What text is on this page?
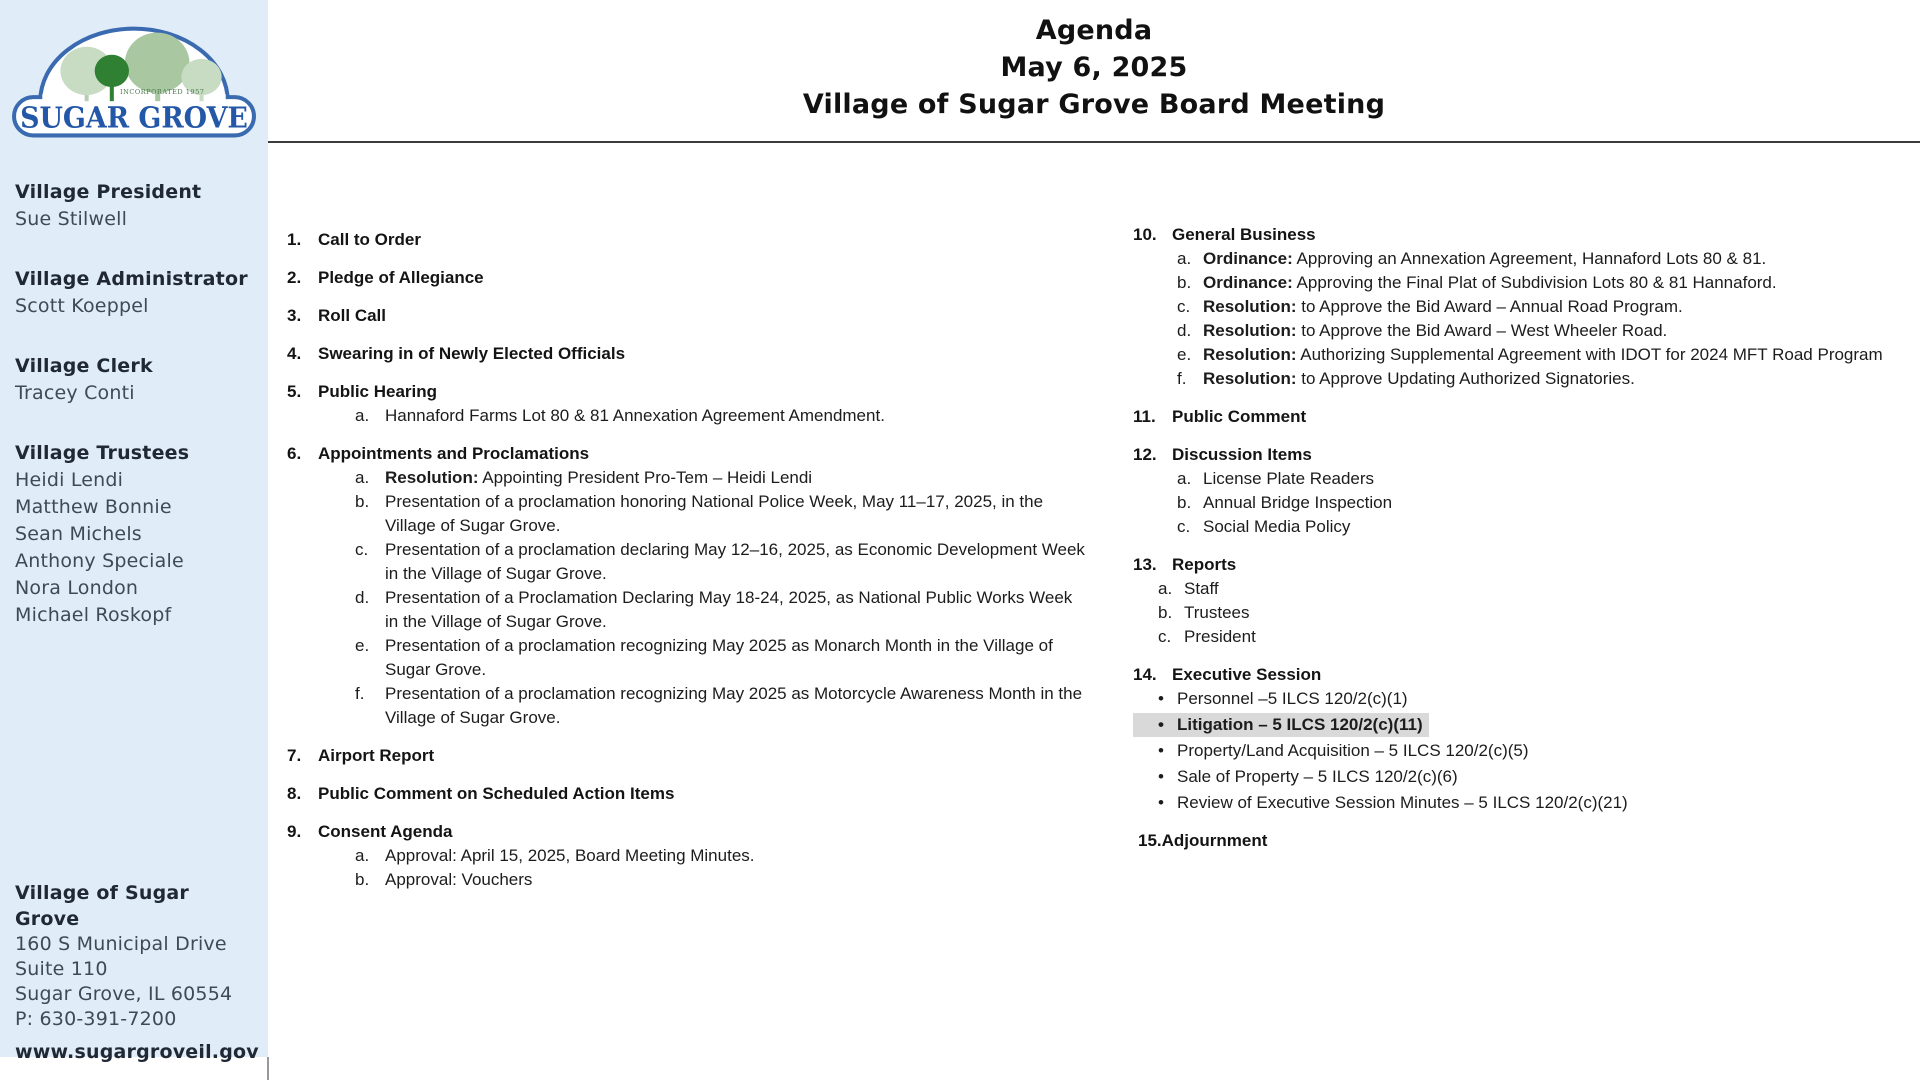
INCORPORATED 1957
SUGAR GROVE
Village President
Sue Stilwell
Village Administrator
Scott Koeppel
Village Clerk
Tracey Conti
Village Trustees
Heidi Lendi
Matthew Bonnie
Sean Michels
Anthony Speciale
Nora London
Michael Roskopf
Village of Sugar Grove
160 S Municipal Drive
Suite 110
Sugar Grove, IL 60554
P: 630-391-7200
www.sugargroveil.gov
Agenda
May 6, 2025
Village of Sugar Grove Board Meeting
1. Call to Order
2. Pledge of Allegiance
3. Roll Call
4. Swearing in of Newly Elected Officials
5. Public Hearing
a. Hannaford Farms Lot 80 & 81 Annexation Agreement Amendment.
6. Appointments and Proclamations
a. Resolution: Appointing President Pro-Tem – Heidi Lendi
b. Presentation of a proclamation honoring National Police Week, May 11–17, 2025, in the Village of Sugar Grove.
c. Presentation of a proclamation declaring May 12–16, 2025, as Economic Development Week in the Village of Sugar Grove.
d. Presentation of a Proclamation Declaring May 18-24, 2025, as National Public Works Week in the Village of Sugar Grove.
e. Presentation of a proclamation recognizing May 2025 as Monarch Month in the Village of Sugar Grove.
f.	Presentation of a proclamation recognizing May 2025 as Motorcycle Awareness Month in the Village of Sugar Grove.
7. Airport Report
8. Public Comment on Scheduled Action Items
9. Consent Agenda
a. Approval: April 15, 2025, Board Meeting Minutes.
b. Approval: Vouchers
10. General Business
a. Ordinance: Approving an Annexation Agreement, Hannaford Lots 80 & 81.
b. Ordinance: Approving the Final Plat of Subdivision Lots 80 & 81 Hannaford.
c. Resolution: to Approve the Bid Award – Annual Road Program.
d. Resolution: to Approve the Bid Award – West Wheeler Road.
e. Resolution: Authorizing Supplemental Agreement with IDOT for 2024 MFT Road Program
f. Resolution: to Approve Updating Authorized Signatories.
11. Public Comment
12. Discussion Items
a. License Plate Readers
b. Annual Bridge Inspection
c. Social Media Policy
13. Reports
a. Staff
b. Trustees
c. President
14. Executive Session
• Personnel –5 ILCS 120/2(c)(1)
• Litigation – 5 ILCS 120/2(c)(11)
• Property/Land Acquisition – 5 ILCS 120/2(c)(5)
• Sale of Property – 5 ILCS 120/2(c)(6)
• Review of Executive Session Minutes – 5 ILCS 120/2(c)(21)
15.Adjournment
